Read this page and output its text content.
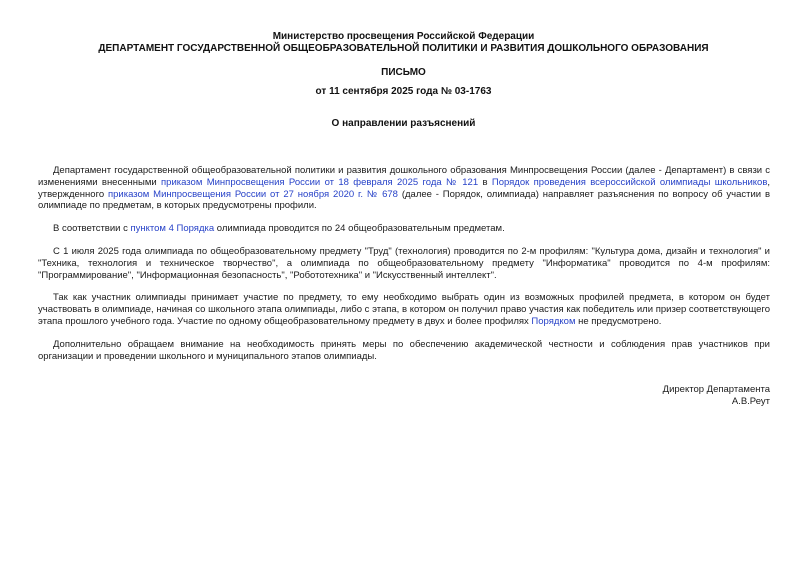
Министерство просвещения Российской Федерации
ДЕПАРТАМЕНТ ГОСУДАРСТВЕННОЙ ОБЩЕОБРАЗОВАТЕЛЬНОЙ ПОЛИТИКИ И РАЗВИТИЯ ДОШКОЛЬНОГО ОБРАЗОВАНИЯ
ПИСЬМО
от 11 сентября 2025 года № 03-1763
О направлении разъяснений

Департамент государственной общеобразовательной политики и развития дошкольного образования Минпросвещения России (далее - Департамент) в связи с изменениями внесенными приказом Минпросвещения России от 18 февраля 2025 года № 121 в Порядок проведения всероссийской олимпиады школьников, утвержденного приказом Минпросвещения России от 27 ноября 2020 г. № 678 (далее - Порядок, олимпиада) направляет разъяснения по вопросу об участии в олимпиаде по предметам, в которых предусмотрены профили.

В соответствии с пунктом 4 Порядка олимпиада проводится по 24 общеобразовательным предметам.

С 1 июля 2025 года олимпиада по общеобразовательному предмету "Труд" (технология) проводится по 2-м профилям: "Культура дома, дизайн и технология" и "Техника, технология и техническое творчество", а олимпиада по общеобразовательному предмету "Информатика" проводится по 4-м профилям: "Программирование", "Информационная безопасность", "Робототехника" и "Искусственный интеллект".

Так как участник олимпиады принимает участие по предмету, то ему необходимо выбрать один из возможных профилей предмета, в котором он будет участвовать в олимпиаде, начиная со школьного этапа олимпиады, либо с этапа, в котором он получил право участия как победитель или призер соответствующего этапа прошлого учебного года. Участие по одному общеобразовательному предмету в двух и более профилях Порядком не предусмотрено.

Дополнительно обращаем внимание на необходимость принять меры по обеспечению академической честности и соблюдения прав участников при организации и проведении школьного и муниципального этапов олимпиады.

Директор Департамента
А.В.Реут
